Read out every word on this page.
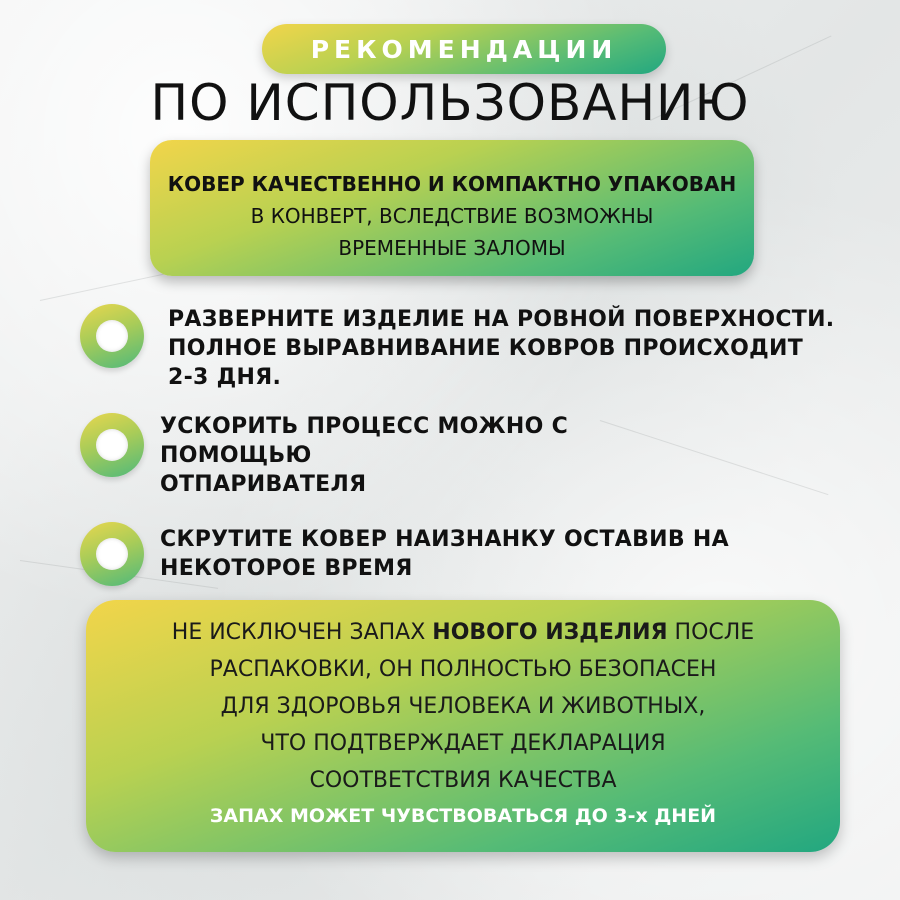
РЕКОМЕНДАЦИИ
ПО ИСПОЛЬЗОВАНИЮ
КОВЕР КАЧЕСТВЕННО И КОМПАКТНО УПАКОВАН
В КОНВЕРТ, ВСЛЕДСТВИЕ ВОЗМОЖНЫ
ВРЕМЕННЫЕ ЗАЛОМЫ
РАЗВЕРНИТЕ ИЗДЕЛИЕ НА РОВНОЙ ПОВЕРХНОСТИ.
ПОЛНОЕ ВЫРАВНИВАНИЕ КОВРОВ ПРОИСХОДИТ
2-3 ДНЯ.
УСКОРИТЬ ПРОЦЕСС МОЖНО С
ПОМОЩЬЮ
ОТПАРИВАТЕЛЯ
СКРУТИТЕ КОВЕР НАИЗНАНКУ ОСТАВИВ НА
НЕКОТОРОЕ ВРЕМЯ
НЕ ИСКЛЮЧЕН ЗАПАХ НОВОГО ИЗДЕЛИЯ ПОСЛЕ
РАСПАКОВКИ, ОН ПОЛНОСТЬЮ БЕЗОПАСЕН
ДЛЯ ЗДОРОВЬЯ ЧЕЛОВЕКА И ЖИВОТНЫХ,
ЧТО ПОДТВЕРЖДАЕТ ДЕКЛАРАЦИЯ
СООТВЕТСТВИЯ КАЧЕСТВА
ЗАПАХ МОЖЕТ ЧУВСТВОВАТЬСЯ ДО 3-х ДНЕЙ
